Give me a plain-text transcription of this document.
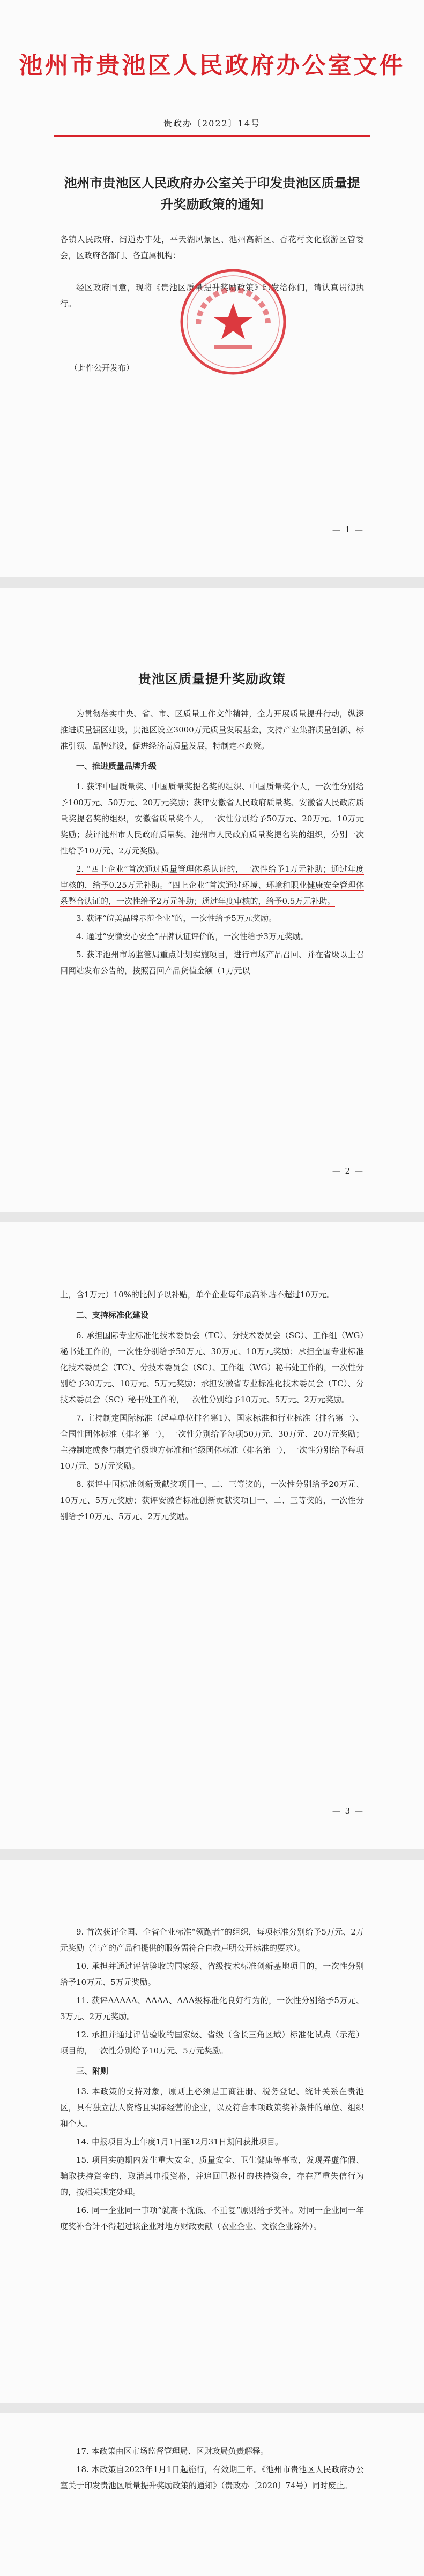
池州市贵池区人民政府办公室文件
贵政办〔2022〕14号
池州市贵池区人民政府办公室关于印发贵池区质量提升奖励政策的通知
各镇人民政府、街道办事处，平天湖风景区、池州高新区、杏花村文化旅游区管委会，区政府各部门、各直属机构：
经区政府同意，现将《贵池区质量提升奖励政策》印发给你们，请认真贯彻执行。
（此件公开发布）
— 1 —
贵池区质量提升奖励政策

为贯彻落实中央、省、市、区质量工作文件精神，全力开展质量提升行动，纵深推进质量强区建设，贵池区设立3000万元质量发展基金，支持产业集群质量创新、标准引领、品牌建设，促进经济高质量发展，特制定本政策。

一、推进质量品牌升级

1. 获评中国质量奖、中国质量奖提名奖的组织、中国质量奖个人，一次性分别给予100万元、50万元、20万元奖励；获评安徽省人民政府质量奖、安徽省人民政府质量奖提名奖的组织，安徽省质量奖个人，一次性分别给予50万元、20万元、10万元奖励；获评池州市人民政府质量奖、池州市人民政府质量奖提名奖的组织，分别一次性给予10万元、2万元奖励。

2. “四上企业”首次通过质量管理体系认证的，一次性给予1万元补助；通过年度审核的，给予0.25万元补助。“四上企业”首次通过环境、环境和职业健康安全管理体系整合认证的，一次性给予2万元补助；通过年度审核的，给予0.5万元补助。

3. 获评“皖美品牌示范企业”的，一次性给予5万元奖励。

4. 通过“安徽安心安全”品牌认证评价的，一次性给予3万元奖励。

5. 获评池州市场监管局重点计划实施项目，进行市场产品召回、并在省级以上召回网站发布公告的，按照召回产品货值金额（1万元以

— 2 —

上，含1万元）10%的比例予以补贴，单个企业每年最高补贴不超过10万元。

二、支持标准化建设

6. 承担国际专业标准化技术委员会（TC）、分技术委员会（SC）、工作组（WG）秘书处工作的，一次性分别给予50万元、30万元、10万元奖励；承担全国专业标准化技术委员会（TC）、分技术委员会（SC）、工作组（WG）秘书处工作的，一次性分别给予30万元、10万元、5万元奖励；承担安徽省专业标准化技术委员会（TC）、分技术委员会（SC）秘书处工作的，一次性分别给予10万元、5万元、2万元奖励。

7. 主持制定国际标准（起草单位排名第1）、国家标准和行业标准（排名第一）、全国性团体标准（排名第一），一次性分别给予每项50万元、30万元、20万元奖励；主持制定或参与制定省级地方标准和省级团体标准（排名第一），一次性分别给予每项10万元、5万元奖励。

8. 获评中国标准创新贡献奖项目一、二、三等奖的，一次性分别给予20万元、10万元、5万元奖励；获评安徽省标准创新贡献奖项目一、二、三等奖的，一次性分别给予10万元、5万元、2万元奖励。

— 3 —

9. 首次获评全国、全省企业标准“领跑者”的组织，每项标准分别给予5万元、2万元奖励（生产的产品和提供的服务需符合自我声明公开标准的要求）。

10. 承担并通过评估验收的国家级、省级技术标准创新基地项目的，一次性分别给予10万元、5万元奖励。

11. 获评AAAAA、AAAA、AAA级标准化良好行为的，一次性分别给予5万元、3万元、2万元奖励。

12. 承担并通过评估验收的国家级、省级（含长三角区域）标准化试点（示范）项目的，一次性分别给予10万元、5万元奖励。

三、附则

13. 本政策的支持对象，原则上必须是工商注册、税务登记、统计关系在贵池区，具有独立法人资格且实际经营的企业，以及符合本项政策奖补条件的单位、组织和个人。

14. 申报项目为上年度1月1日至12月31日期间获批项目。

15. 项目实施期内发生重大安全、质量安全、卫生健康等事故，发现弄虚作假、骗取扶持资金的，取消其申报资格，并追回已拨付的扶持资金，存在严重失信行为的，按相关规定处理。

16. 同一企业同一事项“就高不就低、不重复”原则给予奖补。对同一企业同一年度奖补合计不得超过该企业对地方财政贡献（农业企业、文旅企业除外）。

17. 本政策由区市场监督管理局、区财政局负责解释。

18. 本政策自2023年1月1日起施行，有效期三年。《池州市贵池区人民政府办公室关于印发贵池区质量提升奖励政策的通知》（贵政办〔2020〕74号）同时废止。
